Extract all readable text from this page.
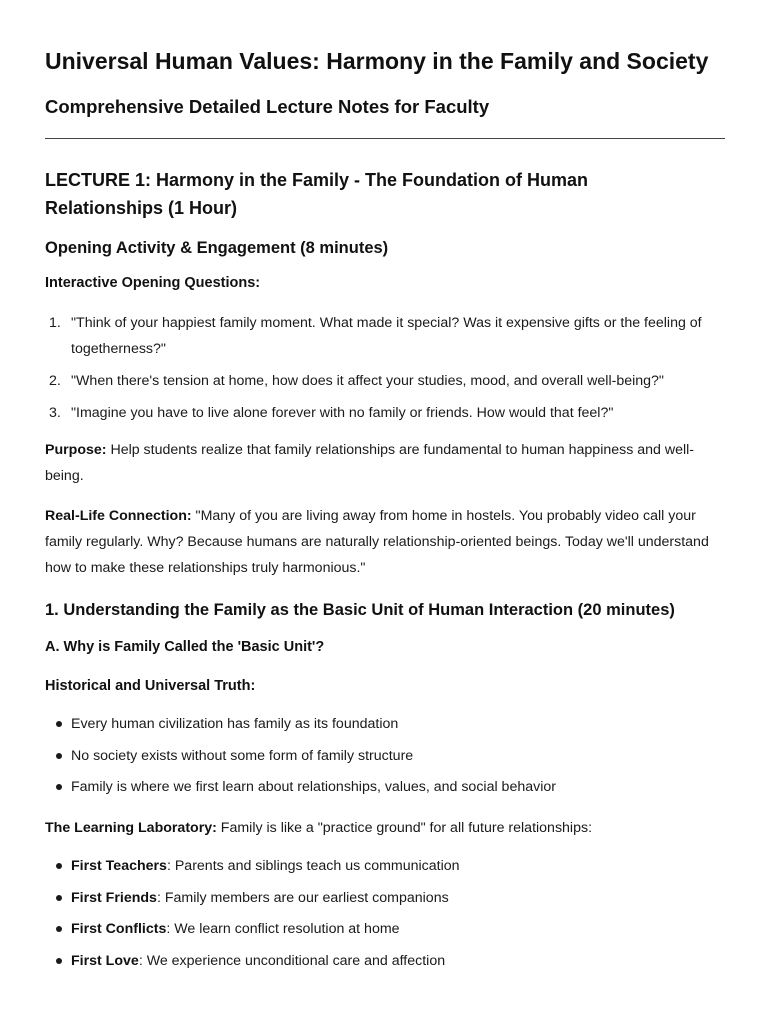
Universal Human Values: Harmony in the Family and Society
Comprehensive Detailed Lecture Notes for Faculty
LECTURE 1: Harmony in the Family - The Foundation of Human Relationships (1 Hour)
Opening Activity & Engagement (8 minutes)
Interactive Opening Questions:
1. "Think of your happiest family moment. What made it special? Was it expensive gifts or the feeling of togetherness?"
2. "When there's tension at home, how does it affect your studies, mood, and overall well-being?"
3. "Imagine you have to live alone forever with no family or friends. How would that feel?"
Purpose: Help students realize that family relationships are fundamental to human happiness and well-being.
Real-Life Connection: "Many of you are living away from home in hostels. You probably video call your family regularly. Why? Because humans are naturally relationship-oriented beings. Today we'll understand how to make these relationships truly harmonious."
1. Understanding the Family as the Basic Unit of Human Interaction (20 minutes)
A. Why is Family Called the 'Basic Unit'?
Historical and Universal Truth:
Every human civilization has family as its foundation
No society exists without some form of family structure
Family is where we first learn about relationships, values, and social behavior
The Learning Laboratory: Family is like a "practice ground" for all future relationships:
First Teachers: Parents and siblings teach us communication
First Friends: Family members are our earliest companions
First Conflicts: We learn conflict resolution at home
First Love: We experience unconditional care and affection
